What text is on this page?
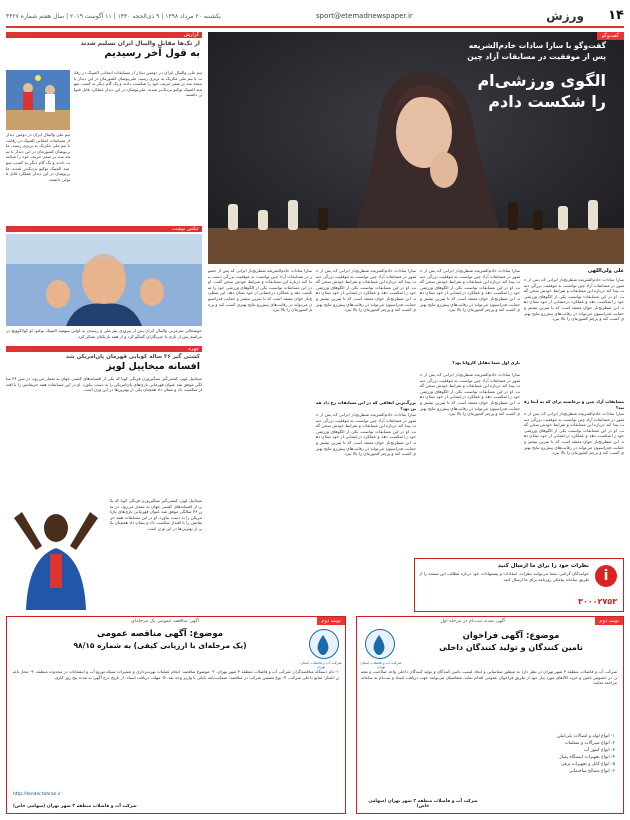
۱۴
ورزش
sport@etemadnewspaper.ir
یکشنبه ۲۰ مرداد ۱۳۹۸ | ۹ ذی‌الحجه ۱۴۴۰ | ۱۱ آگوست ۲۰۱۹ | سال هفتم شماره ۴۴۲۷
گفت‌وگو
گفت‌وگو با سارا سادات خادم‌الشریعه
پس از موفقیت در مسابقات آزاد چین
الگوی ورزشی‌ام
را شکست دادم
علی ولی‌اللهی
سارا سادات خادم‌الشریعه شطرنج‌باز ایرانی که پس از حضور در مسابقات آزاد چین توانست به موفقیت بزرگی دست پیدا کند درباره این مسابقات و شرایط خودش سخن گفت. او در این مسابقات توانست یکی از الگوهای ورزشی خود را شکست دهد و عملکرد درخشانی از خود نشان دهد. این شطرنج‌باز جوان معتقد است که با تمرین بیشتر و حمایت فدراسیون می‌تواند در رقابت‌های پیش‌رو نتایج بهتری کسب کند و پرچم کشورمان را بالا ببرد.
مسابقات آزاد چین و برخاسته برای که به آنجا رفتید؟
سارا سادات خادم‌الشریعه شطرنج‌باز ایرانی که پس از حضور در مسابقات آزاد چین توانست به موفقیت بزرگی دست پیدا کند درباره این مسابقات و شرایط خودش سخن گفت. او در این مسابقات توانست یکی از الگوهای ورزشی خود را شکست دهد و عملکرد درخشانی از خود نشان دهد. این شطرنج‌باز جوان معتقد است که با تمرین بیشتر و حمایت فدراسیون می‌تواند در رقابت‌های پیش‌رو نتایج بهتری کسب کند و پرچم کشورمان را بالا ببرد.
سارا سادات خادم‌الشریعه شطرنج‌باز ایرانی که پس از حضور در مسابقات آزاد چین توانست به موفقیت بزرگی دست پیدا کند درباره این مسابقات و شرایط خودش سخن گفت. او در این مسابقات توانست یکی از الگوهای ورزشی خود را شکست دهد و عملکرد درخشانی از خود نشان دهد. این شطرنج‌باز جوان معتقد است که با تمرین بیشتر و حمایت فدراسیون می‌تواند در رقابت‌های پیش‌رو نتایج بهتری کسب کند و پرچم کشورمان را بالا ببرد.
بازی اول شما مقابل کاروانا بود؟
سارا سادات خادم‌الشریعه شطرنج‌باز ایرانی که پس از حضور در مسابقات آزاد چین توانست به موفقیت بزرگی دست پیدا کند درباره این مسابقات و شرایط خودش سخن گفت. او در این مسابقات توانست یکی از الگوهای ورزشی خود را شکست دهد و عملکرد درخشانی از خود نشان دهد. این شطرنج‌باز جوان معتقد است که با تمرین بیشتر و حمایت فدراسیون می‌تواند در رقابت‌های پیش‌رو نتایج بهتری کسب کند و پرچم کشورمان را بالا ببرد.
سارا سادات خادم‌الشریعه شطرنج‌باز ایرانی که پس از حضور در مسابقات آزاد چین توانست به موفقیت بزرگی دست پیدا کند درباره این مسابقات و شرایط خودش سخن گفت. او در این مسابقات توانست یکی از الگوهای ورزشی خود را شکست دهد و عملکرد درخشانی از خود نشان دهد. این شطرنج‌باز جوان معتقد است که با تمرین بیشتر و حمایت فدراسیون می‌تواند در رقابت‌های پیش‌رو نتایج بهتری کسب کند و پرچم کشورمان را بالا ببرد.
بزرگ‌ترین اتفاقی که در این مسابقات رخ داد همین بود؟
سارا سادات خادم‌الشریعه شطرنج‌باز ایرانی که پس از حضور در مسابقات آزاد چین توانست به موفقیت بزرگی دست پیدا کند درباره این مسابقات و شرایط خودش سخن گفت. او در این مسابقات توانست یکی از الگوهای ورزشی خود را شکست دهد و عملکرد درخشانی از خود نشان دهد. این شطرنج‌باز جوان معتقد است که با تمرین بیشتر و حمایت فدراسیون می‌تواند در رقابت‌های پیش‌رو نتایج بهتری کسب کند و پرچم کشورمان را بالا ببرد.
سارا سادات خادم‌الشریعه شطرنج‌باز ایرانی که پس از حضور در مسابقات آزاد چین توانست به موفقیت بزرگی دست پیدا کند درباره این مسابقات و شرایط خودش سخن گفت. او در این مسابقات توانست یکی از الگوهای ورزشی خود را شکست دهد و عملکرد درخشانی از خود نشان دهد. این شطرنج‌باز جوان معتقد است که با تمرین بیشتر و حمایت فدراسیون می‌تواند در رقابت‌های پیش‌رو نتایج بهتری کسب کند و پرچم کشورمان را بالا ببرد.
i
نظرات خود را برای ما ارسال کنید
خوانندگان گرامی، شما می‌توانید نظرات، انتقادات و پیشنهادات خود درباره مطالب این صفحه را از طریق سامانه پیامکی روزنامه برای ما ارسال کنید.
۳۰۰۰۲۷۵۳
گزارش
از تک‌ها مقابل والیبال ایران تسلیم شدند
به قول آخر رسیدیم
تیم ملی والیبال ایران در دومین دیدار از مسابقات انتخابی المپیک در رقابت با تیم ملی مکزیک به برتری رسید. ملی‌پوشان کشورمان در این دیدار با نتیجه سه بر صفر حریف خود را شکست دادند و یک گام دیگر به کسب سهمیه المپیک توکیو نزدیک‌تر شدند. ملی‌پوشان در این دیدار عملکرد قابل قبولی داشتند.
تیم ملی والیبال ایران در دومین دیدار از مسابقات انتخابی المپیک در رقابت با تیم ملی مکزیک به برتری رسید. ملی‌پوشان کشورمان در این دیدار با نتیجه سه بر صفر حریف خود را شکست دادند و یک گام دیگر به کسب سهمیه المپیک توکیو نزدیک‌تر شدند. ملی‌پوشان در این دیدار عملکرد قابل قبولی داشتند.
عکس نوشت
خوشحالی سرمربی والیبال ایران پس از پیروزی تیم ملی و رسیدن به اولین سهمیه المپیک توکیو؛ او کولاکوویچ در مراسم پس از بازی با خبرنگاران گفتگو کرد و از همه بازیکنان تشکر کرد.
چهره
کشتی گیر ۳۶ ساله کوبایی قهرمان پان‌امریکن شد
افسانه‌ میخاییل لوپز
میخاییل لوپز، کشتی‌گیر سنگین‌وزن فرنگی کوبا که یکی از افسانه‌های کشتی جهان به شمار می‌رود، در سن ۳۶ سالگی موفق شد عنوان قهرمانی بازی‌های پان‌امریکن را به دست بیاورد. او در این مسابقات همه حریفانش را با اقتدار شکست داد و نشان داد همچنان یکی از بهترین‌ها در این وزن است.
میخاییل لوپز، کشتی‌گیر سنگین‌وزن فرنگی کوبا که یکی از افسانه‌های کشتی جهان به شمار می‌رود، در سن ۳۶ سالگی موفق شد عنوان قهرمانی بازی‌های پان‌امریکن را به دست بیاورد. او در این مسابقات همه حریفانش را با اقتدار شکست داد و نشان داد همچنان یکی از بهترین‌ها در این وزن است.
نوبت دوم
آگهی تمدید ثبت‌نام در مرحله اول
شرکت آب و فاضلاب استان تهران
موضوع: آگهی فراخوان
تامین کنندگان و تولید کنندگان داخلی
شرکت آب و فاضلاب منطقه ۳ شهر تهران در نظر دارد به منظور شناسایی و ایجاد لیست تامین کنندگان و تولید کنندگان داخلی واجد صلاحیت و معتبر، در خصوص تامین و خرید کالاهای مورد نیاز خود از طریق فراخوان عمومی اقدام نماید. متقاضیان می‌توانند جهت دریافت اسناد و ثبت‌نام به سامانه مراجعه نمایند.
۱- انواع لوله و اتصالات پلی‌اتیلن
۲- انواع شیرآلات و متعلقات
۳- انواع کنتور آب
۴- انواع تجهیزات ایستگاه پمپاژ
۵- انواع کابل و تجهیزات برقی
۶- انواع مصالح ساختمانی
شرکت آب و فاضلاب منطقه ۳ شهر تهران (سهامی خاص)
نوبت دوم
آگهی مناقصه عمومی یک مرحله‌ای
شرکت آب و فاضلاب استان تهران
موضوع: آگهی مناقصه عمومی
(یک مرحله‌ای با ارزیابی کیفی) به شماره ۹۸/۱۵
۱- نام دستگاه مناقصه‌گزار: شرکت آب و فاضلاب منطقه ۳ شهر تهران. ۲- موضوع مناقصه: انجام عملیات بهره‌برداری و تعمیرات شبکه توزیع آب و انشعابات در محدوده منطقه. ۳- محل تامین اعتبار: منابع داخلی شرکت. ۴- نوع تضمین شرکت در مناقصه: ضمانت‌نامه بانکی یا واریز وجه نقد. ۵- مهلت دریافت اسناد: از تاریخ درج آگهی به مدت پنج روز کاری.
http://tender.tehran.ir
شرکت آب و فاضلاب منطقه ۳ شهر تهران (سهامی خاص)
